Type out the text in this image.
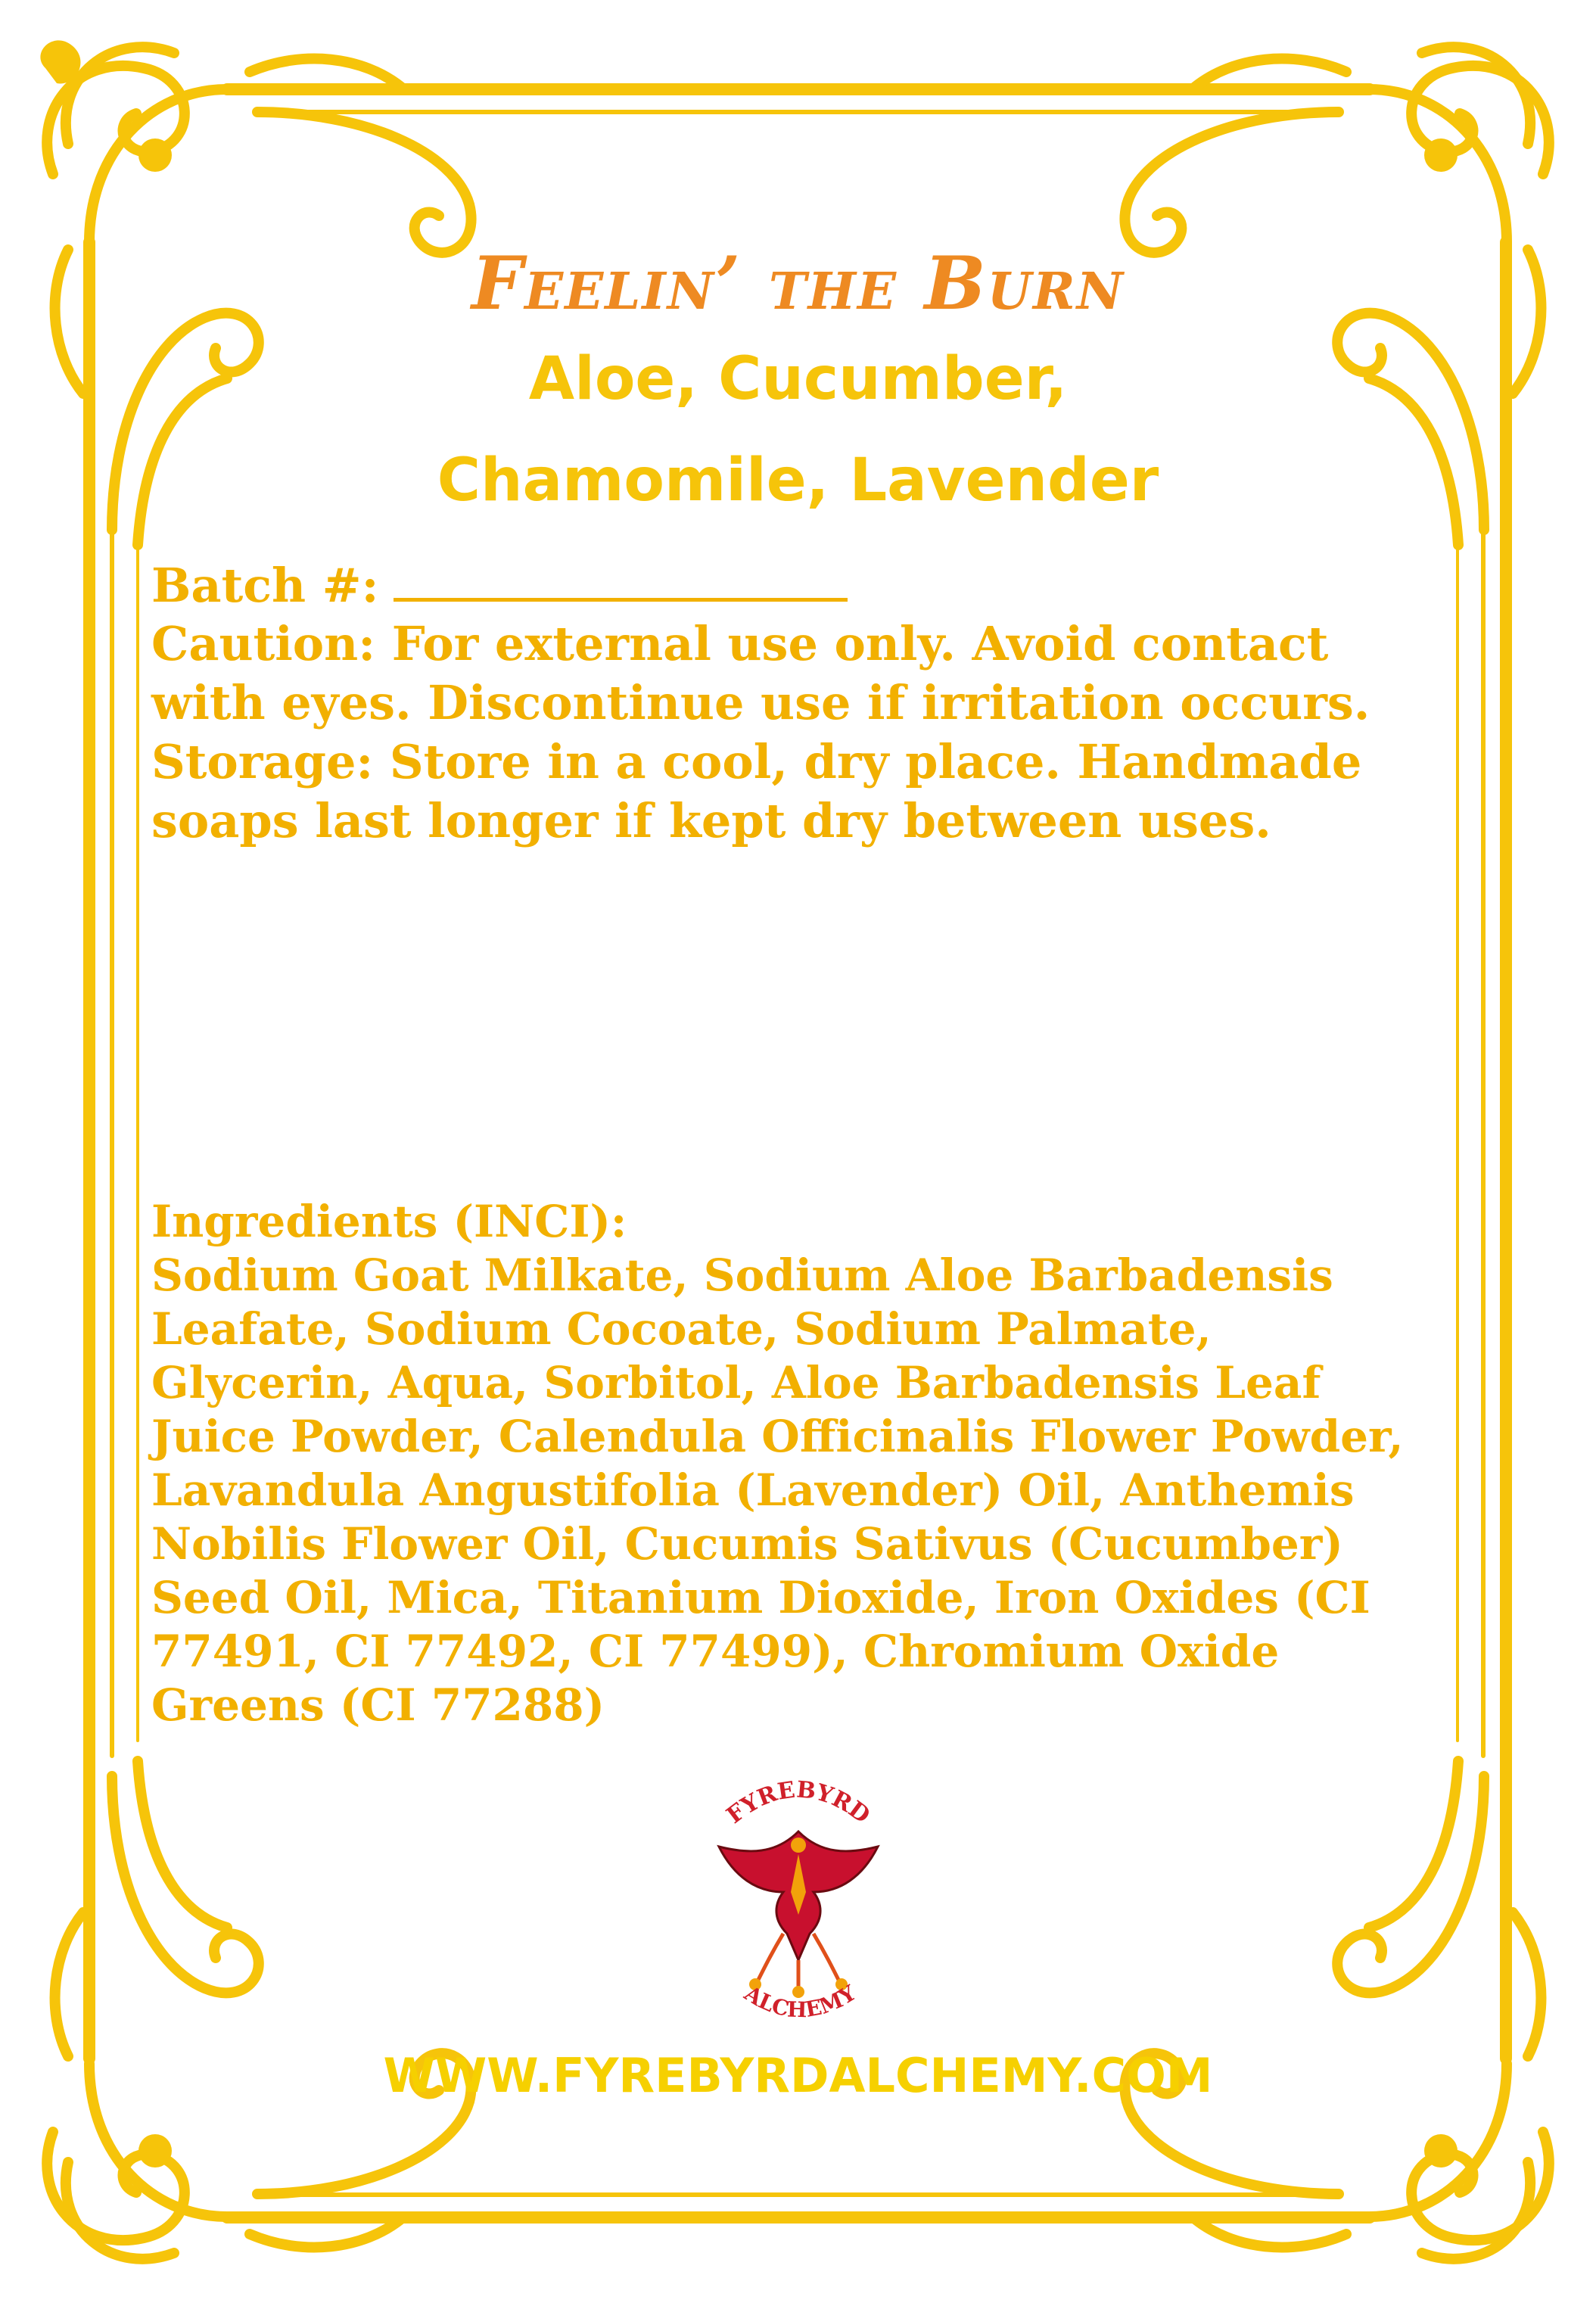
Feelin’ the Burn
Aloe, Cucumber,
Chamomile, Lavender
Batch #:
Caution: For external use only. Avoid contact with eyes. Discontinue use if irritation occurs.
Storage: Store in a cool, dry place. Handmade soaps last longer if kept dry between uses.
Ingredients (INCI):
Sodium Goat Milkate, Sodium Aloe Barbadensis Leafate, Sodium Cocoate, Sodium Palmate, Glycerin, Aqua, Sorbitol, Aloe Barbadensis Leaf Juice Powder, Calendula Officinalis Flower Powder, Lavandula Angustifolia (Lavender) Oil, Anthemis Nobilis Flower Oil, Cucumis Sativus (Cucumber) Seed Oil, Mica, Titanium Dioxide, Iron Oxides (CI 77491, CI 77492, CI 77499), Chromium Oxide Greens (CI 77288)
FYREBYRD
ALCHEMY
WWW.FYREBYRDALCHEMY.COM
